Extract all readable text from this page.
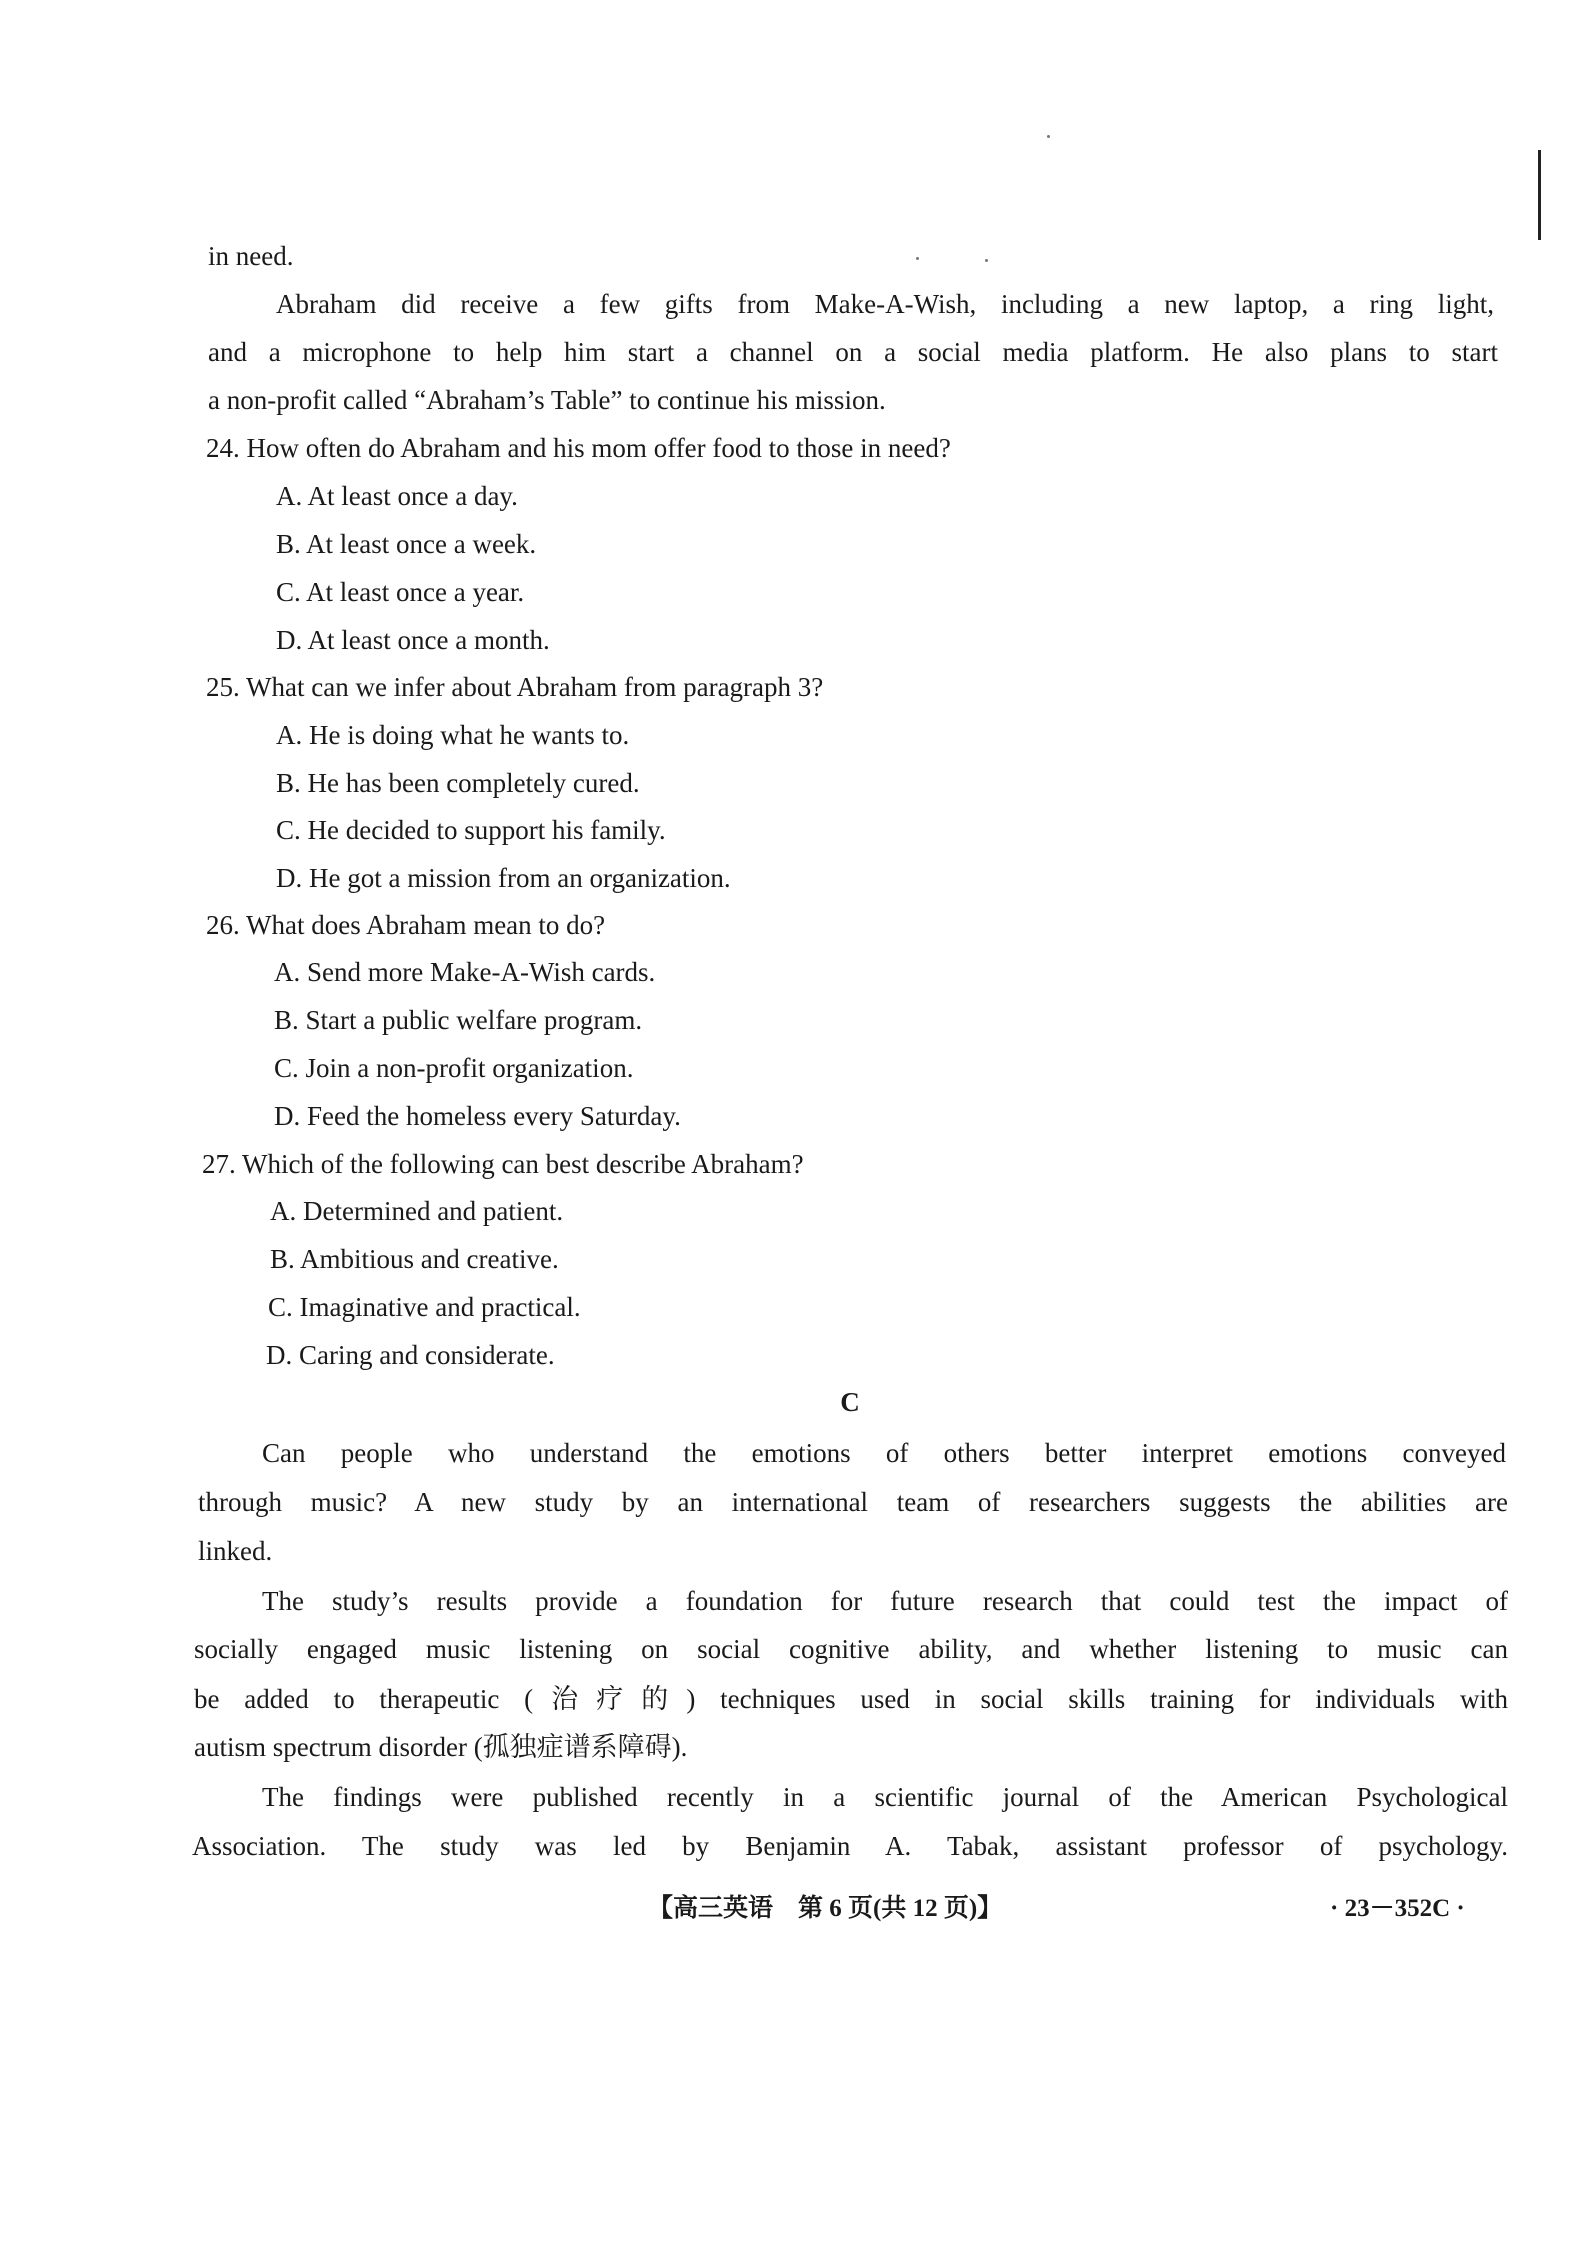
in need.
Abraham did receive a few gifts from Make-A-Wish, including a new laptop, a ring light,
and a microphone to help him start a channel on a social media platform. He also plans to start
a non-profit called “Abraham’s Table” to continue his mission.
24. How often do Abraham and his mom offer food to those in need?
A. At least once a day.
B. At least once a week.
C. At least once a year.
D. At least once a month.
25. What can we infer about Abraham from paragraph 3?
A. He is doing what he wants to.
B. He has been completely cured.
C. He decided to support his family.
D. He got a mission from an organization.
26. What does Abraham mean to do?
A. Send more Make-A-Wish cards.
B. Start a public welfare program.
C. Join a non-profit organization.
D. Feed the homeless every Saturday.
27. Which of the following can best describe Abraham?
A. Determined and patient.
B. Ambitious and creative.
C. Imaginative and practical.
D. Caring and considerate.
C
Can people who understand the emotions of others better interpret emotions conveyed
through music? A new study by an international team of researchers suggests the abilities are
linked.
The study’s results provide a foundation for future research that could test the impact of
socially engaged music listening on social cognitive ability, and whether listening to music can
be added to therapeutic (治疗的) techniques used in social skills training for individuals with
autism spectrum disorder (孤独症谱系障碍).
The findings were published recently in a scientific journal of the American Psychological
Association. The study was led by Benjamin A. Tabak, assistant professor of psychology.
【高三英语　第 6 页(共 12 页)】	· 23－352C ·
